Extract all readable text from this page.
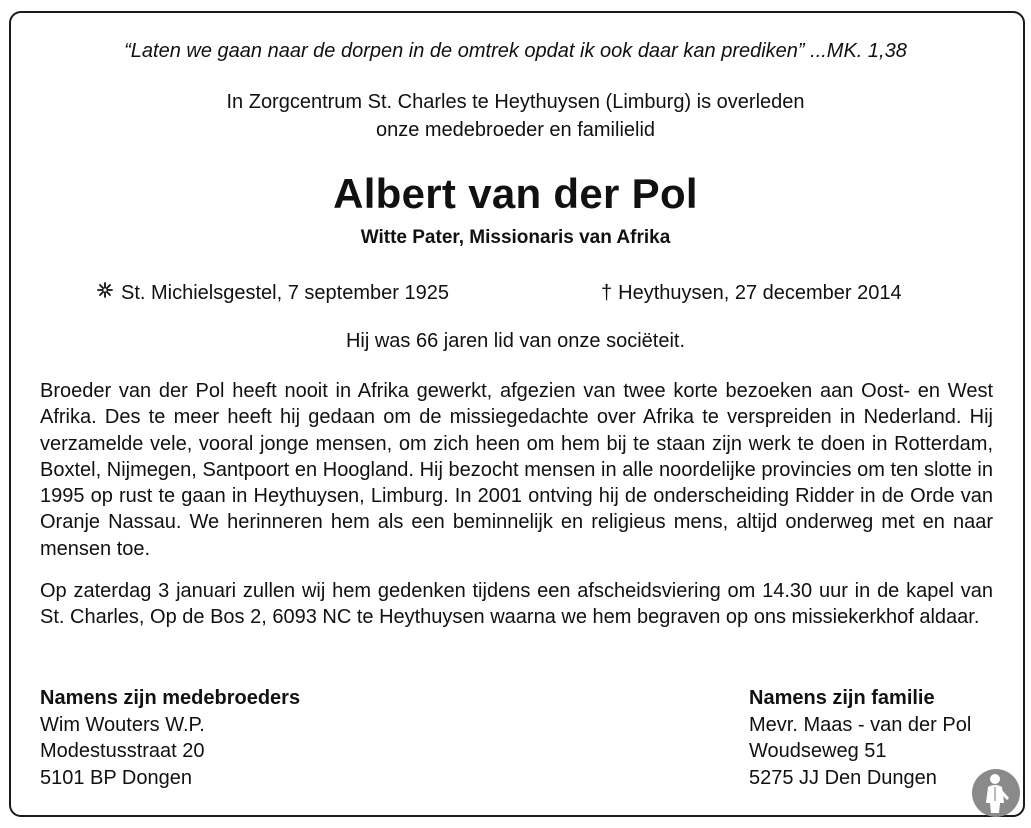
“Laten we gaan naar de dorpen in de omtrek opdat ik ook daar kan prediken” ...MK. 1,38
In Zorgcentrum St. Charles te Heythuysen (Limburg) is overleden
onze medebroeder en familielid
Albert van der Pol
Witte Pater, Missionaris van Afrika
St. Michielsgestel, 7 september 1925	† Heythuysen, 27 december 2014
Hij was 66 jaren lid van onze sociëteit.

Broeder van der Pol heeft nooit in Afrika gewerkt, afgezien van twee korte bezoeken aan Oost- en West Afrika. Des te meer heeft hij gedaan om de missiegedachte over Afrika te verspreiden in Nederland. Hij verzamelde vele, vooral jonge mensen, om zich heen om hem bij te staan zijn werk te doen in Rotterdam, Boxtel, Nijmegen, Santpoort en Hoogland. Hij bezocht mensen in alle noordelijke provincies om ten slotte in 1995 op rust te gaan in Heythuysen, Limburg. In 2001 ontving hij de onderscheiding Ridder in de Orde van Oranje Nassau. We herinneren hem als een beminnelijk en religieus mens, altijd onderweg met en naar mensen toe.

Op zaterdag 3 januari zullen wij hem gedenken tijdens een afscheidsviering om 14.30 uur in de kapel van St. Charles, Op de Bos 2, 6093 NC te Heythuysen waarna we hem begraven op ons missiekerkhof aldaar.

Namens zijn medebroeders
Wim Wouters W.P.
Modestusstraat 20
5101 BP Dongen
Namens zijn familie
Mevr. Maas - van der Pol
Woudseweg 51
5275 JJ Den Dungen
